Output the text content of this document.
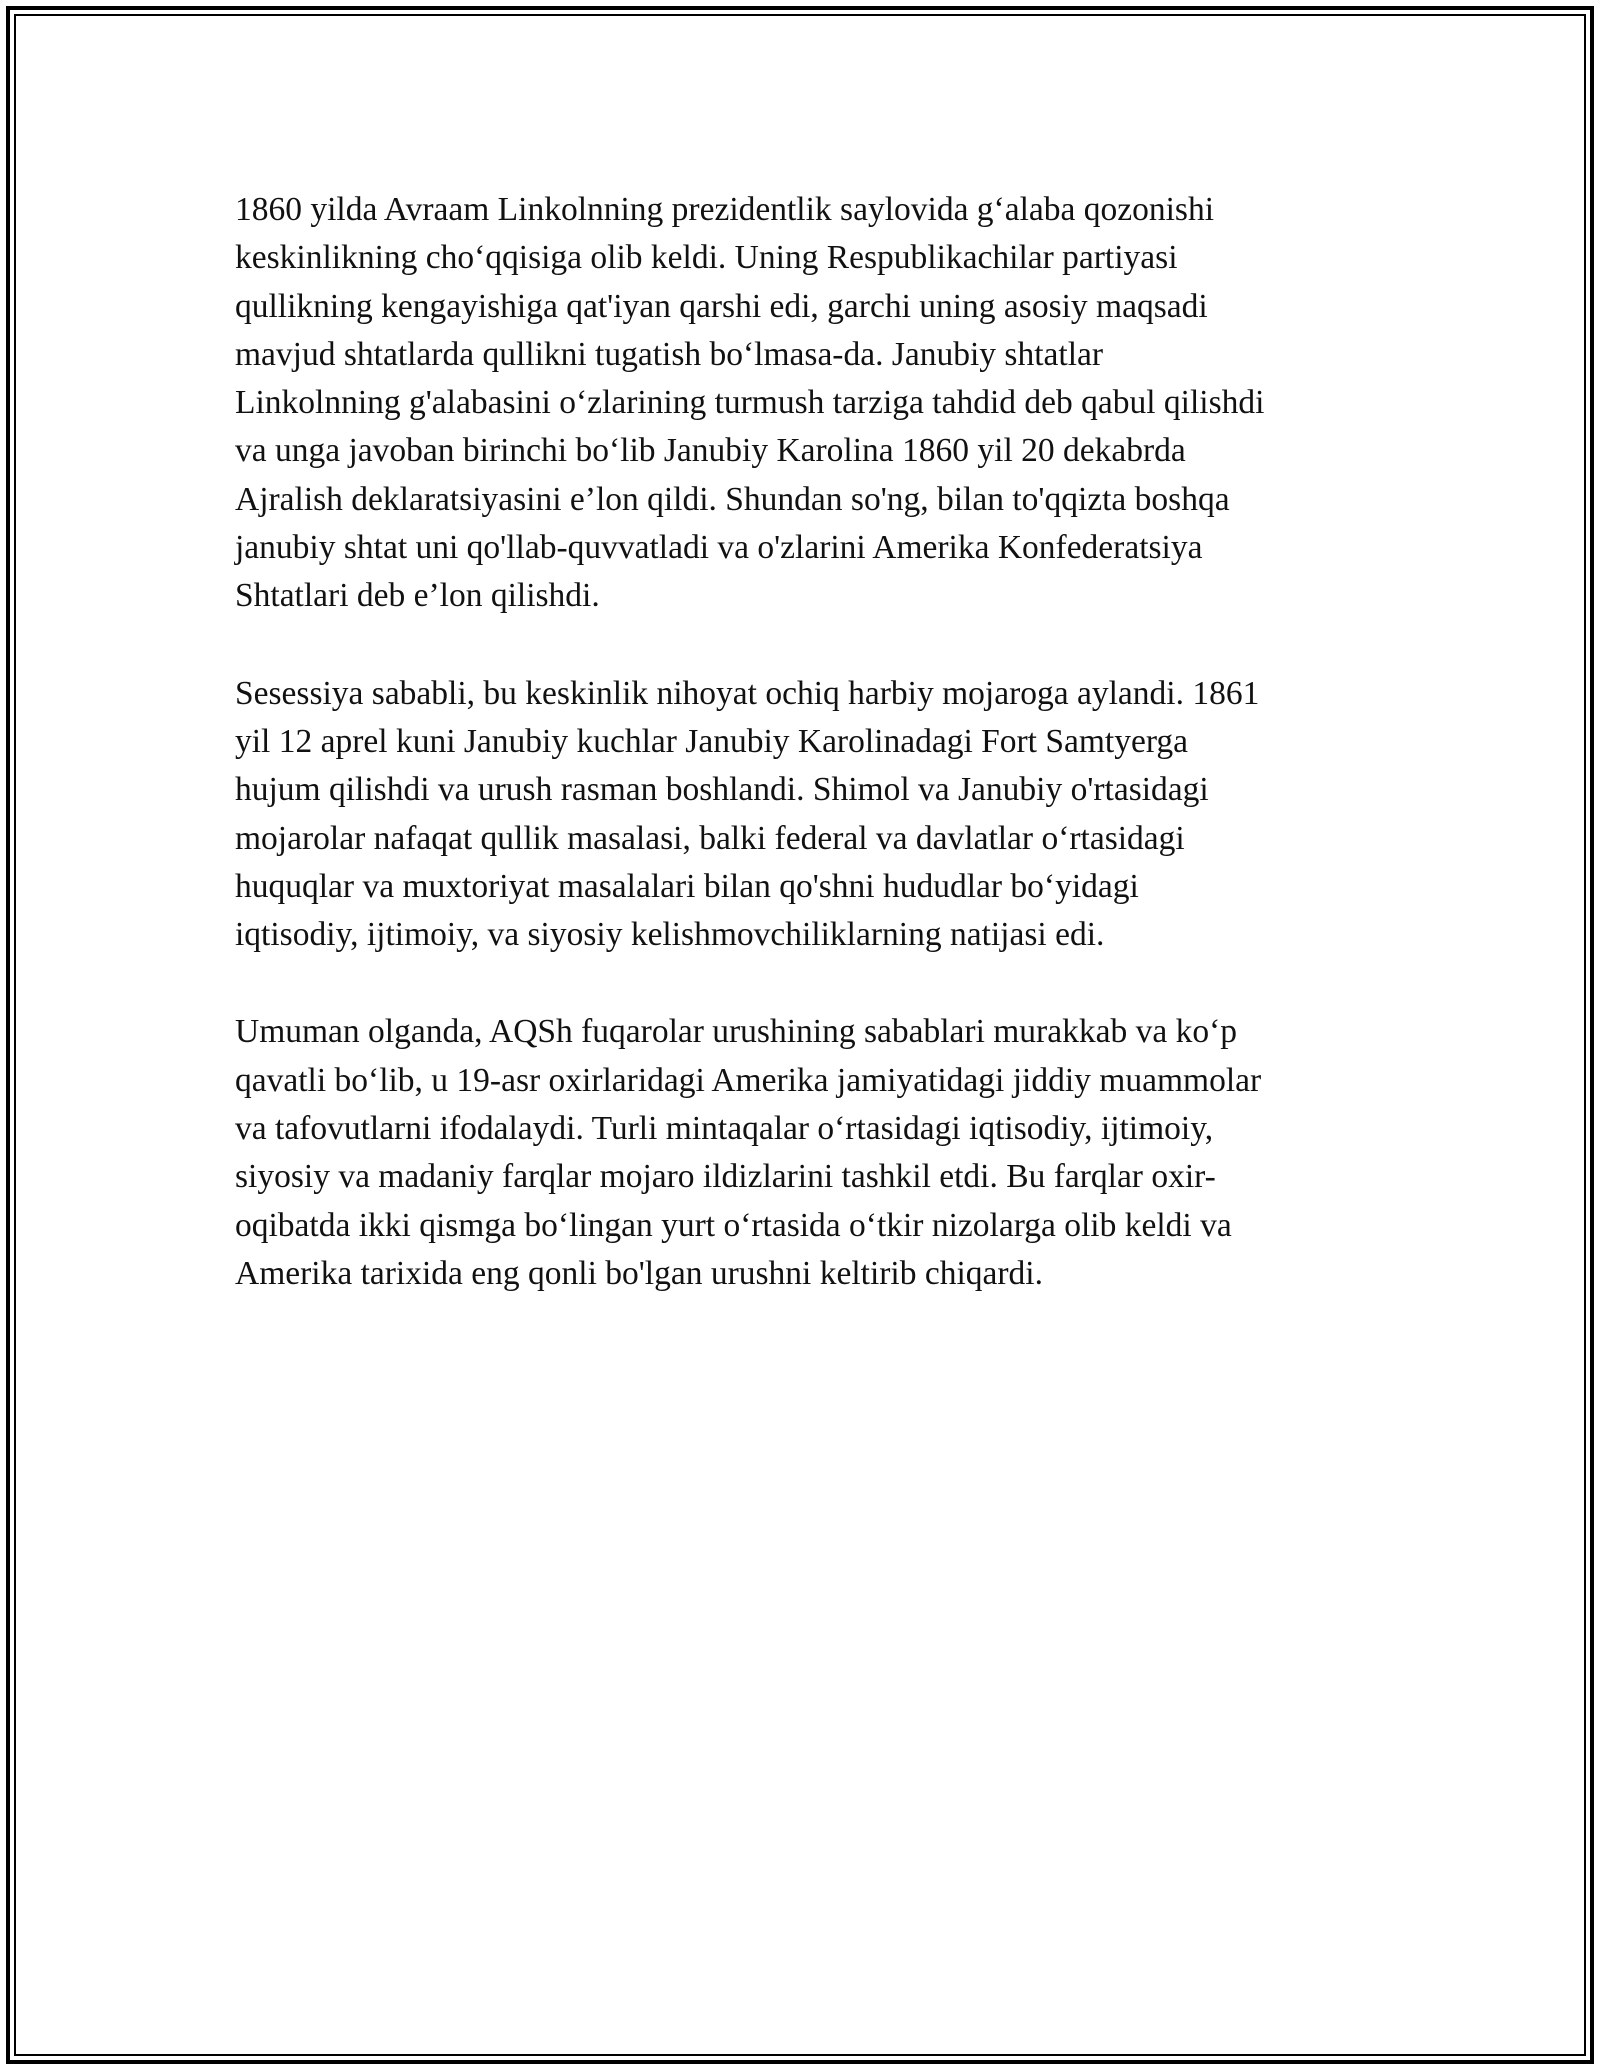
1860 yilda Avraam Linkolnning prezidentlik saylovida g‘alaba qozonishi
keskinlikning cho‘qqisiga olib keldi. Uning Respublikachilar partiyasi
qullikning kengayishiga qat'iyan qarshi edi, garchi uning asosiy maqsadi
mavjud shtatlarda qullikni tugatish bo‘lmasa-da. Janubiy shtatlar
Linkolnning g'alabasini o‘zlarining turmush tarziga tahdid deb qabul qilishdi
va unga javoban birinchi bo‘lib Janubiy Karolina 1860 yil 20 dekabrda
Ajralish deklaratsiyasini e’lon qildi. Shundan so'ng, bilan to'qqizta boshqa
janubiy shtat uni qo'llab-quvvatladi va o'zlarini Amerika Konfederatsiya
Shtatlari deb e’lon qilishdi.

Sesessiya sababli, bu keskinlik nihoyat ochiq harbiy mojaroga aylandi. 1861
yil 12 aprel kuni Janubiy kuchlar Janubiy Karolinadagi Fort Samtyerga
hujum qilishdi va urush rasman boshlandi. Shimol va Janubiy o'rtasidagi
mojarolar nafaqat qullik masalasi, balki federal va davlatlar o‘rtasidagi
huquqlar va muxtoriyat masalalari bilan qo'shni hududlar bo‘yidagi
iqtisodiy, ijtimoiy, va siyosiy kelishmovchiliklarning natijasi edi.

Umuman olganda, AQSh fuqarolar urushining sabablari murakkab va ko‘p
qavatli bo‘lib, u 19-asr oxirlaridagi Amerika jamiyatidagi jiddiy muammolar
va tafovutlarni ifodalaydi. Turli mintaqalar o‘rtasidagi iqtisodiy, ijtimoiy,
siyosiy va madaniy farqlar mojaro ildizlarini tashkil etdi. Bu farqlar oxir-
oqibatda ikki qismga bo‘lingan yurt o‘rtasida o‘tkir nizolarga olib keldi va
Amerika tarixida eng qonli bo'lgan urushni keltirib chiqardi.
